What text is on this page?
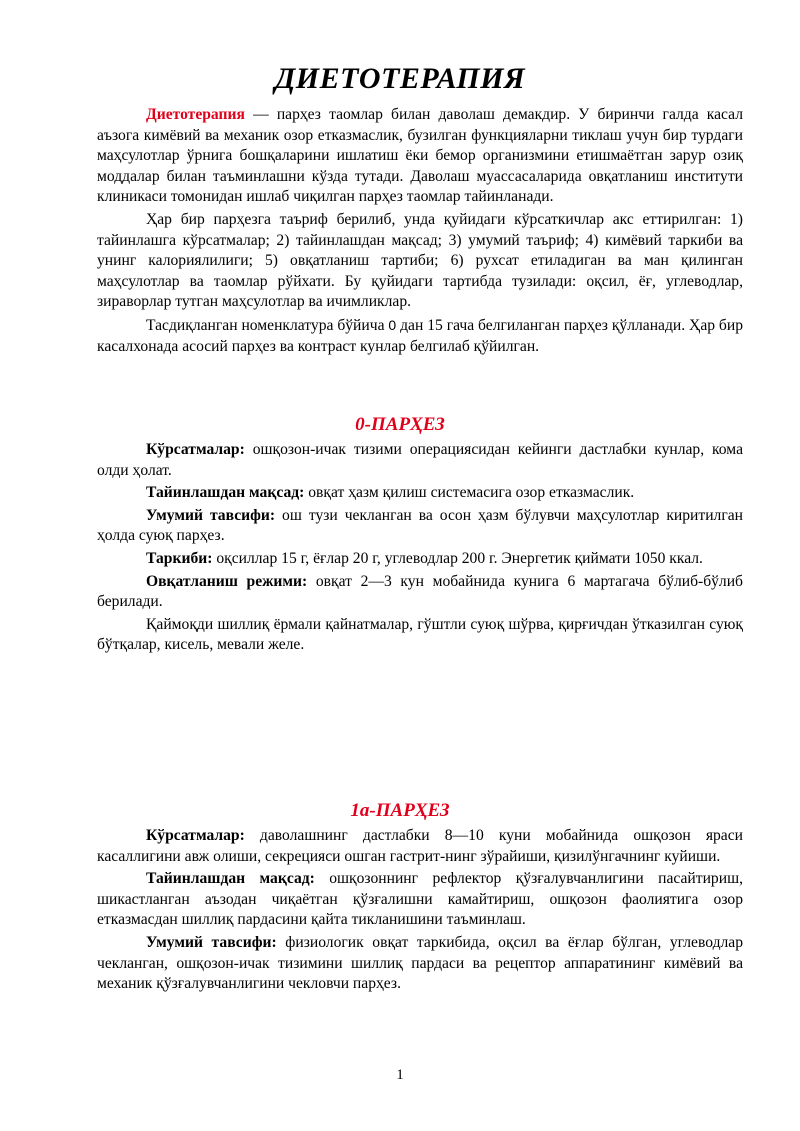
ДИЕТОТЕРАПИЯ

Диетотерапия — парҳез таомлар билан даволаш демакдир. У биринчи галда касал аъзога кимёвий ва механик озор етказмаслик, бузилган функцияларни тиклаш учун бир турдаги маҳсулотлар ўрнига бошқаларини ишлатиш ёки бемор организмини етишмаётган зарур озиқ моддалар билан таъминлашни кўзда тутади. Даволаш муассасаларида овқатланиш институти клиникаси томонидан ишлаб чиқилган парҳез таомлар тайинланади.

Ҳар бир парҳезга таъриф берилиб, унда қуйидаги кўрсаткичлар акс еттирилган: 1) тайинлашга кўрсатмалар; 2) тайинлашдан мақсад; 3) умумий таъриф; 4) кимёвий таркиби ва унинг калориялилиги; 5) овқатланиш тартиби; 6) рухсат етиладиган ва ман қилинган маҳсулотлар ва таомлар рўйхати. Бу қуйидаги тартибда тузилади: оқсил, ёғ, углеводлар, зираворлар тутган маҳсулотлар ва ичимликлар.

Тасдиқланган номенклатура бўйича 0 дан 15 гача белгиланган парҳез қўлланади. Ҳар бир касалхонада асосий парҳез ва контраст кунлар белгилаб қўйилган.

0-ПАРҲЕЗ

Кўрсатмалар: ошқозон-ичак тизими операциясидан кейинги дастлабки кунлар, кома олди ҳолат.

Тайинлашдан мақсад: овқат ҳазм қилиш системасига озор етказмаслик.

Умумий тавсифи: ош тузи чекланган ва осон ҳазм бўлувчи маҳсулотлар киритилган ҳолда суюқ парҳез.

Таркиби: оқсиллар 15 г, ёғлар 20 г, углеводлар 200 г. Энергетик қиймати 1050 ккал.

Овқатланиш режими: овқат 2—3 кун мобайнида кунига 6 мартагача бўлиб-бўлиб берилади.

Қаймоқди шиллиқ ёрмали қайнатмалар, гўштли суюқ шўрва, қирғичдан ўтказилган суюқ бўтқалар, кисель, мевали желе.

1а-ПАРҲЕЗ

Кўрсатмалар: даволашнинг дастлабки 8—10 куни мобайнида ошқозон яраси касаллигини авж олиши, секрецияси ошган гастрит-нинг зўрайиши, қизилўнгачнинг куйиши.

Тайинлашдан мақсад: ошқозоннинг рефлектор қўзғалувчанлигини пасайтириш, шикастланган аъзодан чиқаётган қўзғалишни камайтириш, ошқозон фаолиятига озор етказмасдан шиллиқ пардасини қайта тикланишини таъминлаш.

Умумий тавсифи: физиологик овқат таркибида, оқсил ва ёғлар бўлган, углеводлар чекланган, ошқозон-ичак тизимини шиллиқ пардаси ва рецептор аппаратининг кимёвий ва механик қўзғалувчанлигини чекловчи парҳез.

1
